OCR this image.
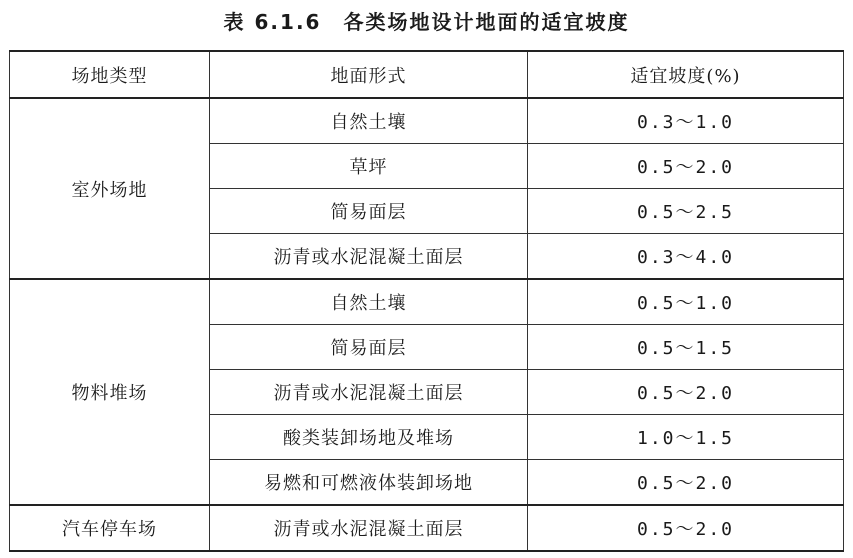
表 6.1.6　各类场地设计地面的适宜坡度
场地类型	地面形式	适宜坡度(%)
室外场地	自然土壤	0.3～1.0
	草坪	0.5～2.0
	简易面层	0.5～2.5
	沥青或水泥混凝土面层	0.3～4.0
物料堆场	自然土壤	0.5～1.0
	简易面层	0.5～1.5
	沥青或水泥混凝土面层	0.5～2.0
	酸类装卸场地及堆场	1.0～1.5
	易燃和可燃液体装卸场地	0.5～2.0
汽车停车场	沥青或水泥混凝土面层	0.5～2.0
